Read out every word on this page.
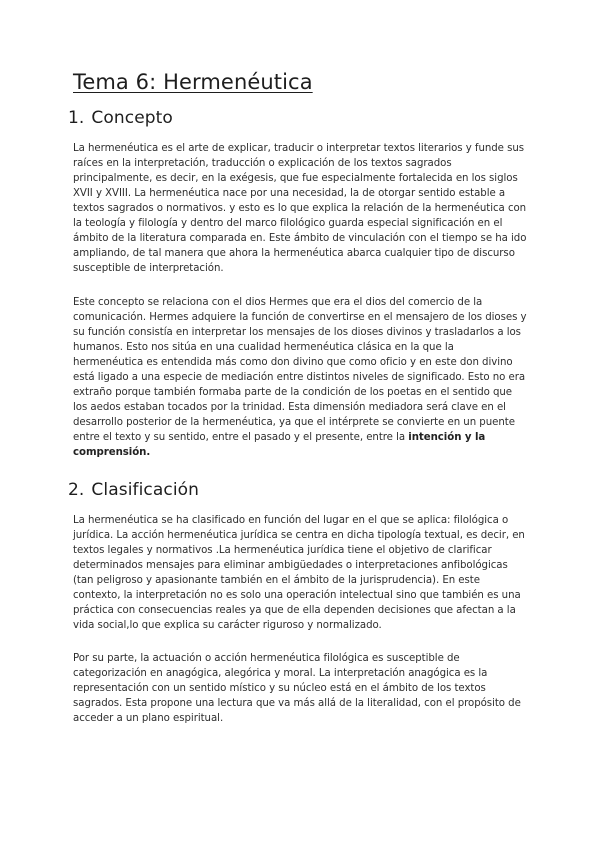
Tema 6: Hermenéutica
1. Concepto

La hermenéutica es el arte de explicar, traducir o interpretar textos literarios y funde sus raíces en la interpretación, traducción o explicación de los textos sagrados principalmente, es decir, en la exégesis, que fue especialmente fortalecida en los siglos XVII y XVIII. La hermenéutica nace por una necesidad, la de otorgar sentido estable a textos sagrados o normativos. y esto es lo que explica la relación de la hermenéutica con la teología y filología y dentro del marco filológico guarda especial significación en el ámbito de la literatura comparada en. Este ámbito de vinculación con el tiempo se ha ido ampliando, de tal manera que ahora la hermenéutica abarca cualquier tipo de discurso susceptible de interpretación.

Este concepto se relaciona con el dios Hermes que era el dios del comercio de la comunicación. Hermes adquiere la función de convertirse en el mensajero de los dioses y su función consistía en interpretar los mensajes de los dioses divinos y trasladarlos a los humanos. Esto nos sitúa en una cualidad hermenéutica clásica en la que la hermenéutica es entendida más como don divino que como oficio y en este don divino está ligado a una especie de mediación entre distintos niveles de significado. Esto no era extraño porque también formaba parte de la condición de los poetas en el sentido que los aedos estaban tocados por la trinidad. Esta dimensión mediadora será clave en el desarrollo posterior de la hermenéutica, ya que el intérprete se convierte en un puente entre el texto y su sentido, entre el pasado y el presente, entre la intención y la comprensión.

2. Clasificación

La hermenéutica se ha clasificado en función del lugar en el que se aplica: filológica o jurídica. La acción hermenéutica jurídica se centra en dicha tipología textual, es decir, en textos legales y normativos .La hermenéutica jurídica tiene el objetivo de clarificar determinados mensajes para eliminar ambigüedades o interpretaciones anfibológicas (tan peligroso y apasionante también en el ámbito de la jurisprudencia). En este contexto, la interpretación no es solo una operación intelectual sino que también es una práctica con consecuencias reales ya que de ella dependen decisiones que afectan a la vida social,lo que explica su carácter riguroso y normalizado.

Por su parte, la actuación o acción hermenéutica filológica es susceptible de categorización en anagógica, alegórica y moral. La interpretación anagógica es la representación con un sentido místico y su núcleo está en el ámbito de los textos sagrados. Esta propone una lectura que va más allá de la literalidad, con el propósito de acceder a un plano espiritual.
